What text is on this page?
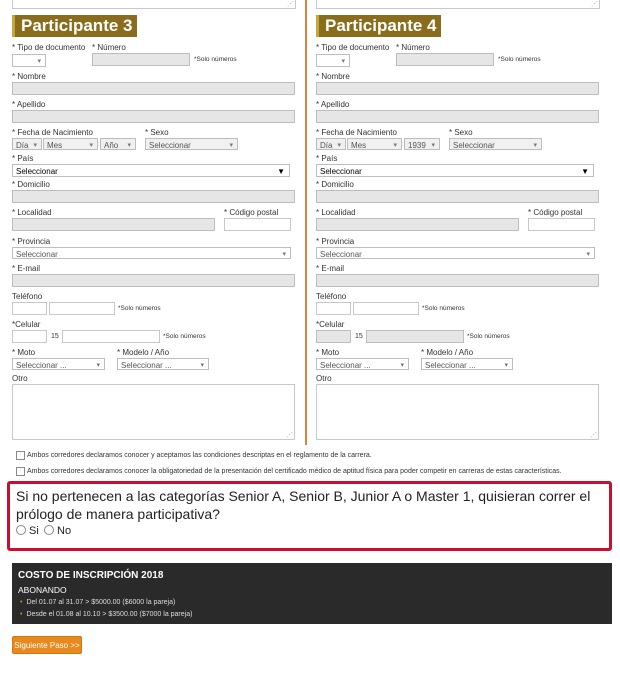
⋰	⋰
Participante 3
* Tipo de documento * Número
▾	*Solo números
* Nombre
* Apellido
* Fecha de Nacimiento	* Sexo
Día ▾	Mes	▾	Año ▾	Seleccionar	▾
* País
Seleccionar	▼
* Domicilio
* Localidad	* Código postal
* Provincia
Seleccionar	▾
* E-mail
Teléfono
*Solo números
*Celular
15	*Solo números
* Moto	* Modelo / Año
Seleccionar ...	▾	Seleccionar ...	▾
Otro
⋰
Participante 4
* Tipo de documento * Número
▾	*Solo números
* Nombre
* Apellido
* Fecha de Nacimiento	* Sexo
Día ▾	Mes	▾	1939 ▾	Seleccionar	▾
* País
Seleccionar	▼
* Domicilio
* Localidad	* Código postal
* Provincia
Seleccionar	▾
* E-mail
Teléfono
*Solo números
*Celular
15	*Solo números
* Moto	* Modelo / Año
Seleccionar ...	▾	Seleccionar ...	▾
Otro
⋰
Ambos corredores declaramos conocer y aceptamos las condiciones descriptas en el reglamento de la carrera.
Ambos corredores declaramos conocer la obligatoriedad de la presentación del certificado médico de aptitud física para poder competir en carreras de estas características.
Si no pertenecen a las categorías Senior A, Senior B, Junior A o Master 1, quisieran correr el prólogo de manera participativa?
Si No
COSTO DE INSCRIPCIÓN 2018
ABONANDO
• Del 01.07 al 31.07 > $5000.00 ($6000 la pareja)
• Desde el 01.08 al 10.10 > $3500.00 ($7000 la pareja)
Siguiente Paso >>
